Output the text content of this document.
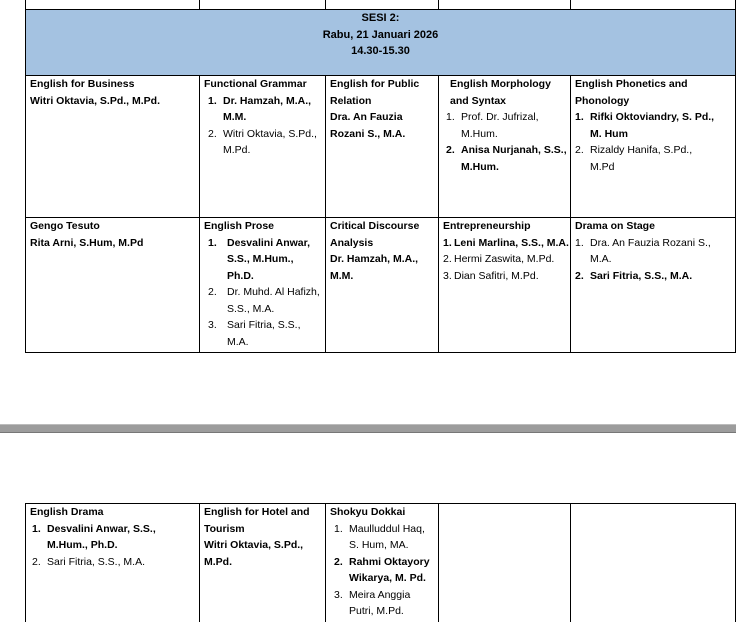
SESI 2:
Rabu, 21 Januari 2026
14.30-15.30
English for Business
Witri Oktavia, S.Pd., M.Pd.
Functional Grammar
1. Dr. Hamzah, M.A., M.M.
2. Witri Oktavia, S.Pd., M.Pd.
English for Public Relation
Dra. An Fauzia Rozani S., M.A.
English Morphology and Syntax
1. Prof. Dr. Jufrizal, M.Hum.
2. Anisa Nurjanah, S.S., M.Hum.
English Phonetics and Phonology
1. Rifki Oktoviandry, S. Pd., M. Hum
2. Rizaldy Hanifa, S.Pd., M.Pd
Gengo Tesuto
Rita Arni, S.Hum, M.Pd
English Prose
1. Desvalini Anwar, S.S., M.Hum., Ph.D.
2. Dr. Muhd. Al Hafizh, S.S., M.A.
3. Sari Fitria, S.S., M.A.
Critical Discourse Analysis
Dr. Hamzah, M.A., M.M.
Entrepreneurship
1. Leni Marlina, S.S., M.A.
2. Hermi Zaswita, M.Pd.
3. Dian Safitri, M.Pd.
Drama on Stage
1. Dra. An Fauzia Rozani S., M.A.
2. Sari Fitria, S.S., M.A.
English Drama
1. Desvalini Anwar, S.S., M.Hum., Ph.D.
2. Sari Fitria, S.S., M.A.
English for Hotel and Tourism
Witri Oktavia, S.Pd., M.Pd.
Shokyu Dokkai
1. Maulluddul Haq, S. Hum, MA.
2. Rahmi Oktayory Wikarya, M. Pd.
3. Meira Anggia Putri, M.Pd.
